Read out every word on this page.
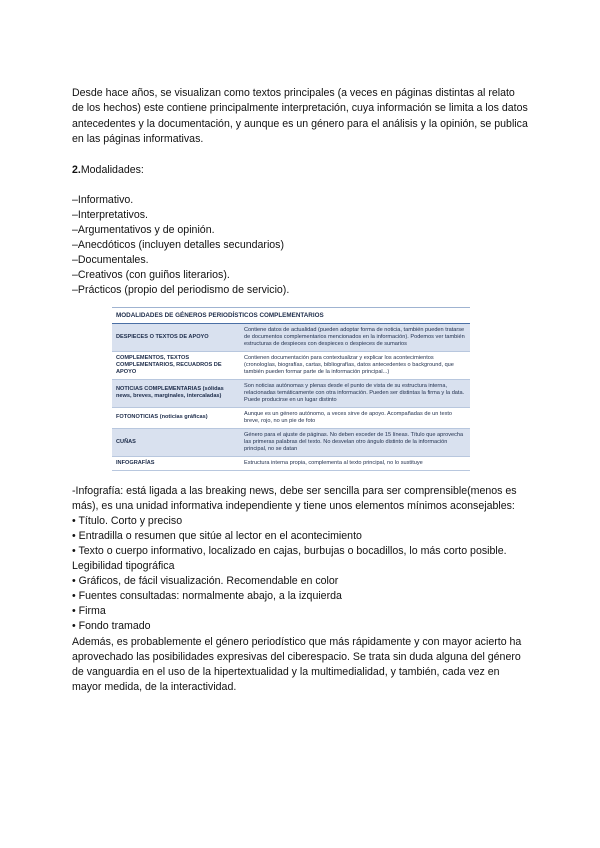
Desde hace años, se visualizan como textos principales (a veces en páginas distintas al relato de los hechos) este contiene principalmente interpretación, cuya información se limita a los datos antecedentes y la documentación, y aunque es un género para el análisis y la opinión, se publica en las páginas informativas.

2.Modalidades:

–Informativo.
–Interpretativos.
–Argumentativos y de opinión.
–Anecdóticos (incluyen detalles secundarios)
–Documentales.
–Creativos (con guiños literarios).
–Prácticos (propio del periodismo de servicio).
MODALIDADES DE GÉNEROS PERIODÍSTICOS COMPLEMENTARIOS	
DESPIECES O TEXTOS DE APOYO	Contiene datos de actualidad (pueden adoptar forma de noticia, también pueden tratarse de documentos complementarios mencionados en la información). Podemos ver también estructuras de despieces con despieces o despieces de sumarios
COMPLEMENTOS, TEXTOS COMPLEMENTARIOS, RECUADROS DE APOYO	Contienen documentación para contextualizar y explicar los acontecimientos (cronologías, biografías, cartas, bibliografías, datos antecedentes o background, que también pueden formar parte de la información principal...)
NOTICIAS COMPLEMENTARIAS (sólidas news, breves, marginales, intercaladas)	Son noticias autónomas y plenas desde el punto de vista de su estructura interna, relacionadas temáticamente con otra información. Pueden ser distintas la firma y la data. Puede producirse en un lugar distinto
FOTONOTICIAS (noticias gráficas)	Aunque es un género autónomo, a veces sirve de apoyo. Acompañadas de un texto breve, rojo, no un pie de foto
CUÑAS	Género para el ajuste de páginas. No deben exceder de 15 líneas. Título que aprovecha las primeras palabras del texto. No desvelan otro ángulo distinto de la información principal, no se datan
INFOGRAFÍAS	Estructura interna propia, complementa al texto principal, no lo sustituye
-Infografía: está ligada a las breaking news, debe ser sencilla para ser comprensible(menos es más), es una unidad informativa independiente y tiene unos elementos mínimos aconsejables:
• Título. Corto y preciso
• Entradilla o resumen que sitúe al lector en el acontecimiento
• Texto o cuerpo informativo, localizado en cajas, burbujas o bocadillos, lo más corto posible. Legibilidad tipográfica
• Gráficos, de fácil visualización. Recomendable en color
• Fuentes consultadas: normalmente abajo, a la izquierda
• Firma
• Fondo tramado
Además, es probablemente el género periodístico que más rápidamente y con mayor acierto ha aprovechado las posibilidades expresivas del ciberespacio. Se trata sin duda alguna del género de vanguardia en el uso de la hipertextualidad y la multimedialidad, y también, cada vez en mayor medida, de la interactividad.
